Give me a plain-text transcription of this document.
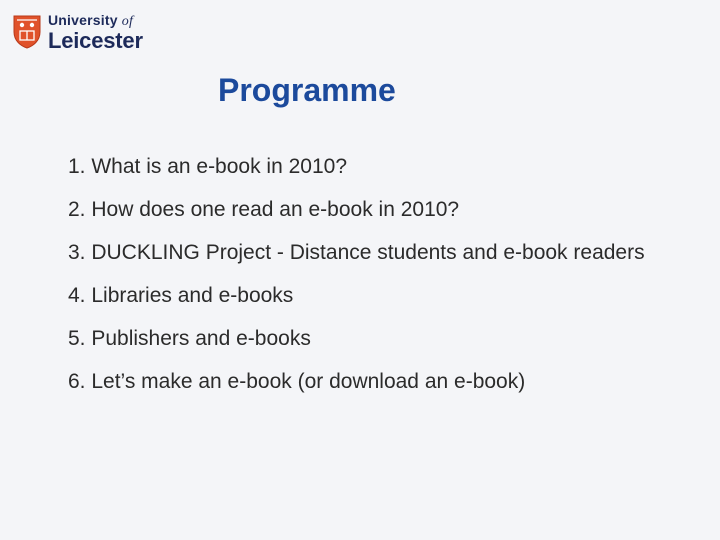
University of
Leicester
Programme
1. What is an e-book in 2010?
2. How does one read an e-book in 2010?
3. DUCKLING Project - Distance students and e-book readers
4. Libraries and e-books
5. Publishers and e-books
6. Let’s make an e-book (or download an e-book)
